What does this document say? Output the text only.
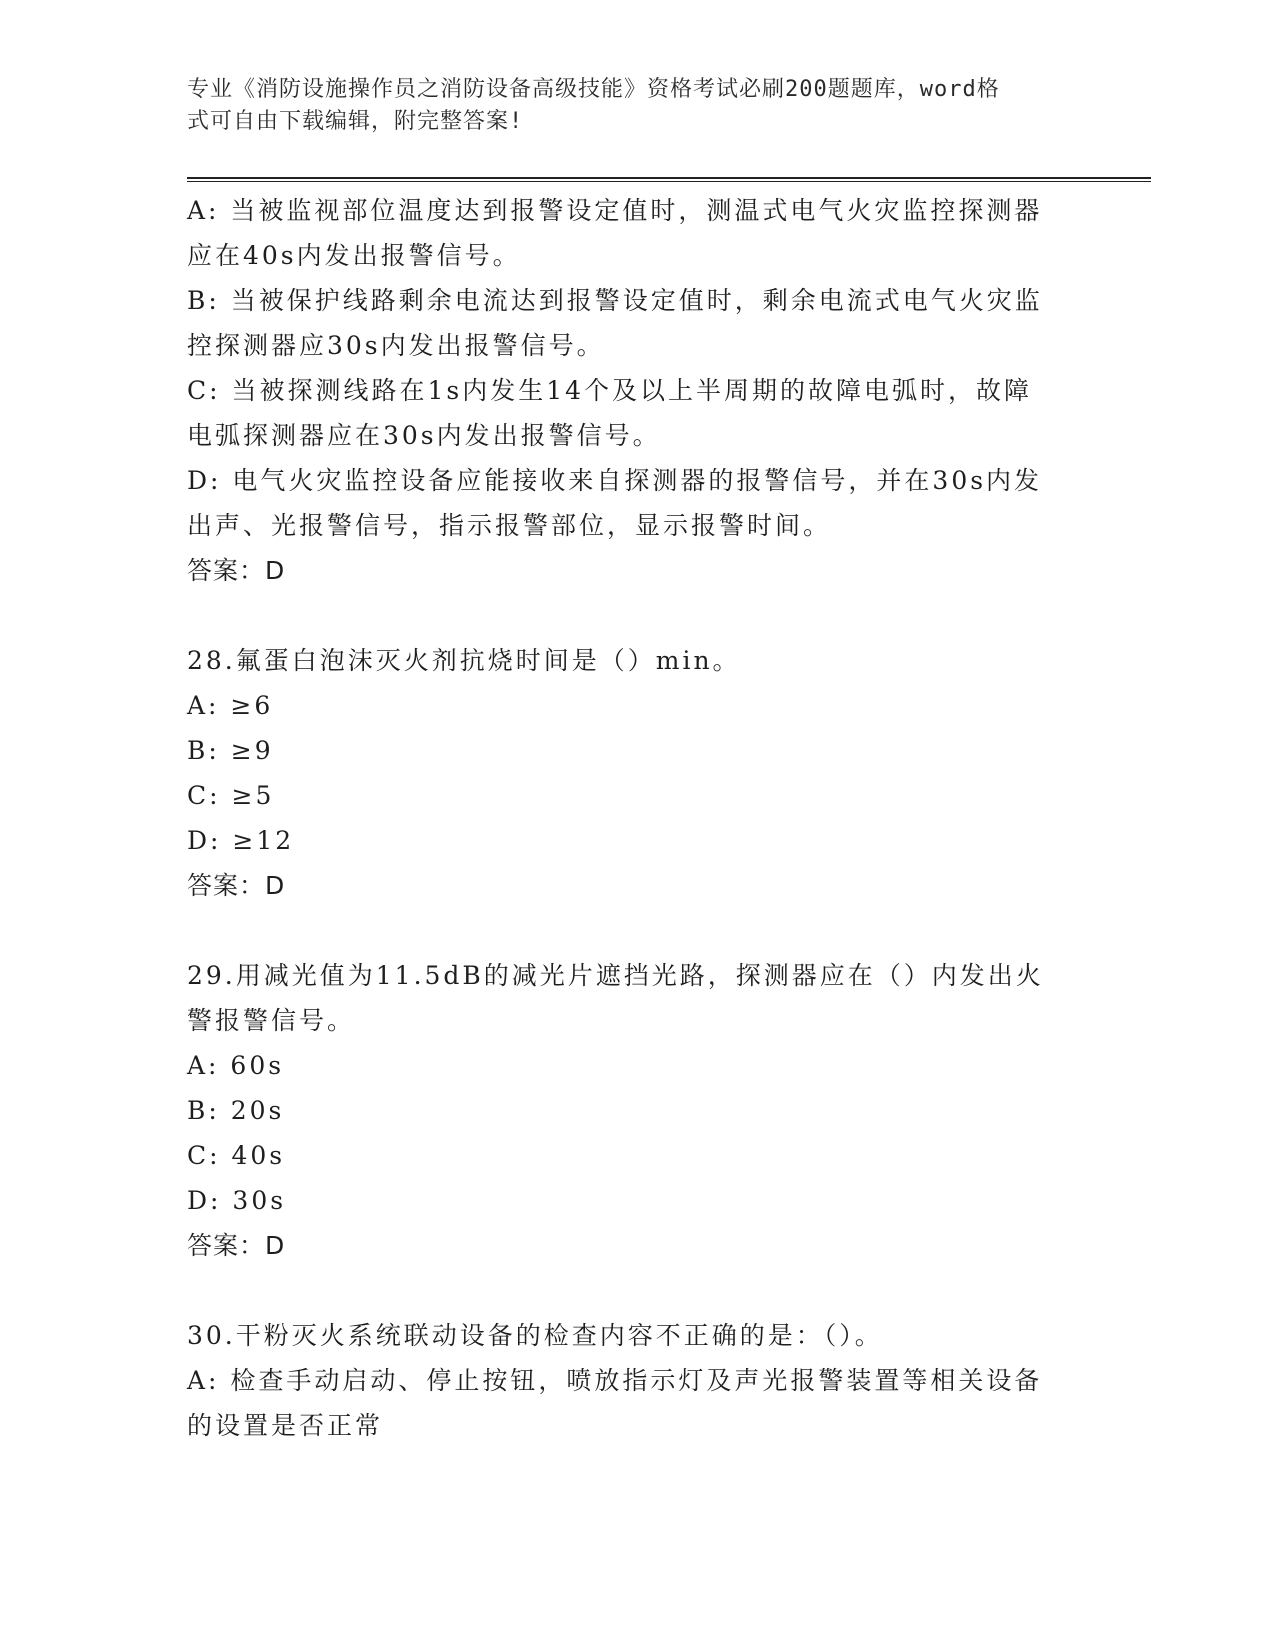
专业《消防设施操作员之消防设备高级技能》资格考试必刷200题题库，word格
式可自由下载编辑，附完整答案!
A: 当被监视部位温度达到报警设定值时，测温式电气火灾监控探测器
应在40s内发出报警信号。
B: 当被保护线路剩余电流达到报警设定值时，剩余电流式电气火灾监
控探测器应30s内发出报警信号。
C: 当被探测线路在1s内发生14个及以上半周期的故障电弧时，故障
电弧探测器应在30s内发出报警信号。
D: 电气火灾监控设备应能接收来自探测器的报警信号，并在30s内发
出声、光报警信号，指示报警部位，显示报警时间。
答案：D
28.氟蛋白泡沫灭火剂抗烧时间是（）min。
A: ≥6
B: ≥9
C: ≥5
D: ≥12
答案：D
29.用减光值为11.5dB的减光片遮挡光路，探测器应在（）内发出火
警报警信号。
A: 60s
B: 20s
C: 40s
D: 30s
答案：D
30.干粉灭火系统联动设备的检查内容不正确的是：（）。
A: 检查手动启动、停止按钮，喷放指示灯及声光报警装置等相关设备
的设置是否正常
